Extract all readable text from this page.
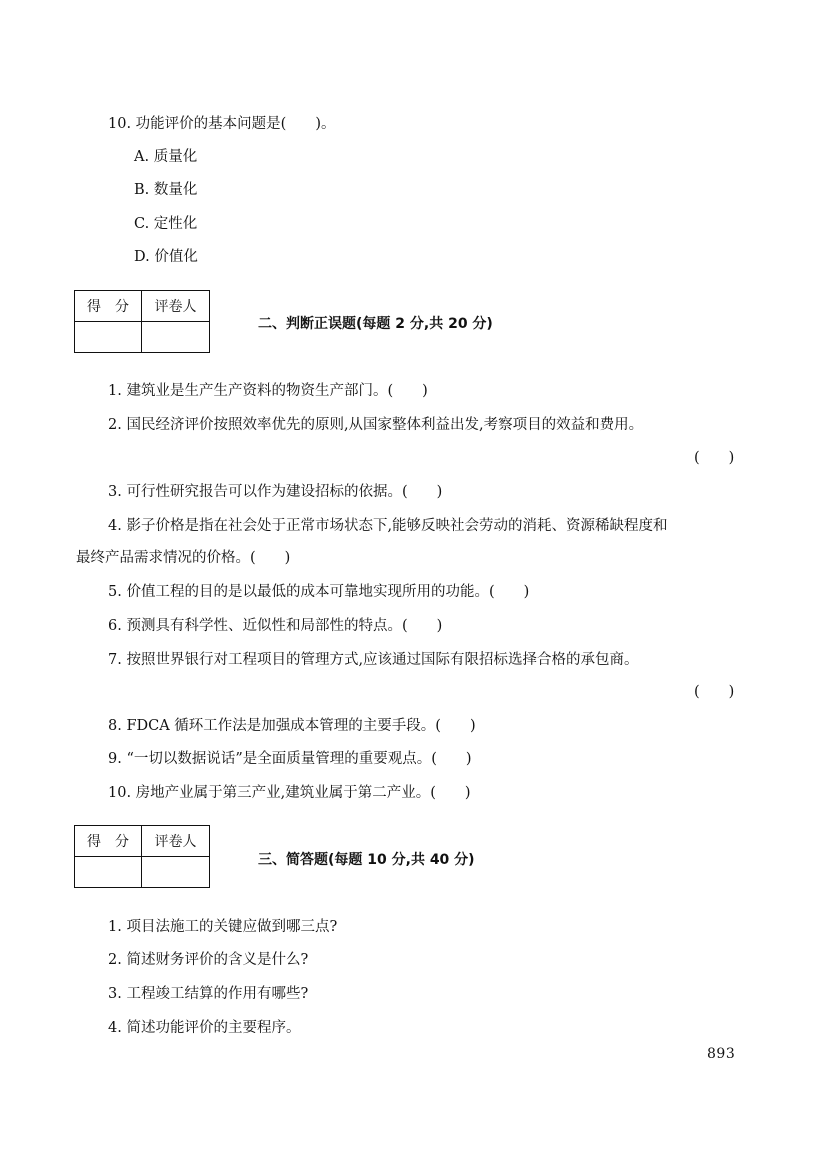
10. 功能评价的基本问题是(　　)。
A. 质量化
B. 数量化
C. 定性化
D. 价值化
得　分	评卷人

二、判断正误题(每题 2 分,共 20 分)
1. 建筑业是生产生产资料的物资生产部门。(　　)
2. 国民经济评价按照效率优先的原则,从国家整体利益出发,考察项目的效益和费用。
(　　)
3. 可行性研究报告可以作为建设招标的依据。(　　)
4. 影子价格是指在社会处于正常市场状态下,能够反映社会劳动的消耗、资源稀缺程度和
最终产品需求情况的价格。(　　)
5. 价值工程的目的是以最低的成本可靠地实现所用的功能。(　　)
6. 预测具有科学性、近似性和局部性的特点。(　　)
7. 按照世界银行对工程项目的管理方式,应该通过国际有限招标选择合格的承包商。
(　　)
8. FDCA 循环工作法是加强成本管理的主要手段。(　　)
9. “一切以数据说话”是全面质量管理的重要观点。(　　)
10. 房地产业属于第三产业,建筑业属于第二产业。(　　)
得　分	评卷人

三、简答题(每题 10 分,共 40 分)
1. 项目法施工的关键应做到哪三点?
2. 简述财务评价的含义是什么?
3. 工程竣工结算的作用有哪些?
4. 简述功能评价的主要程序。
893
